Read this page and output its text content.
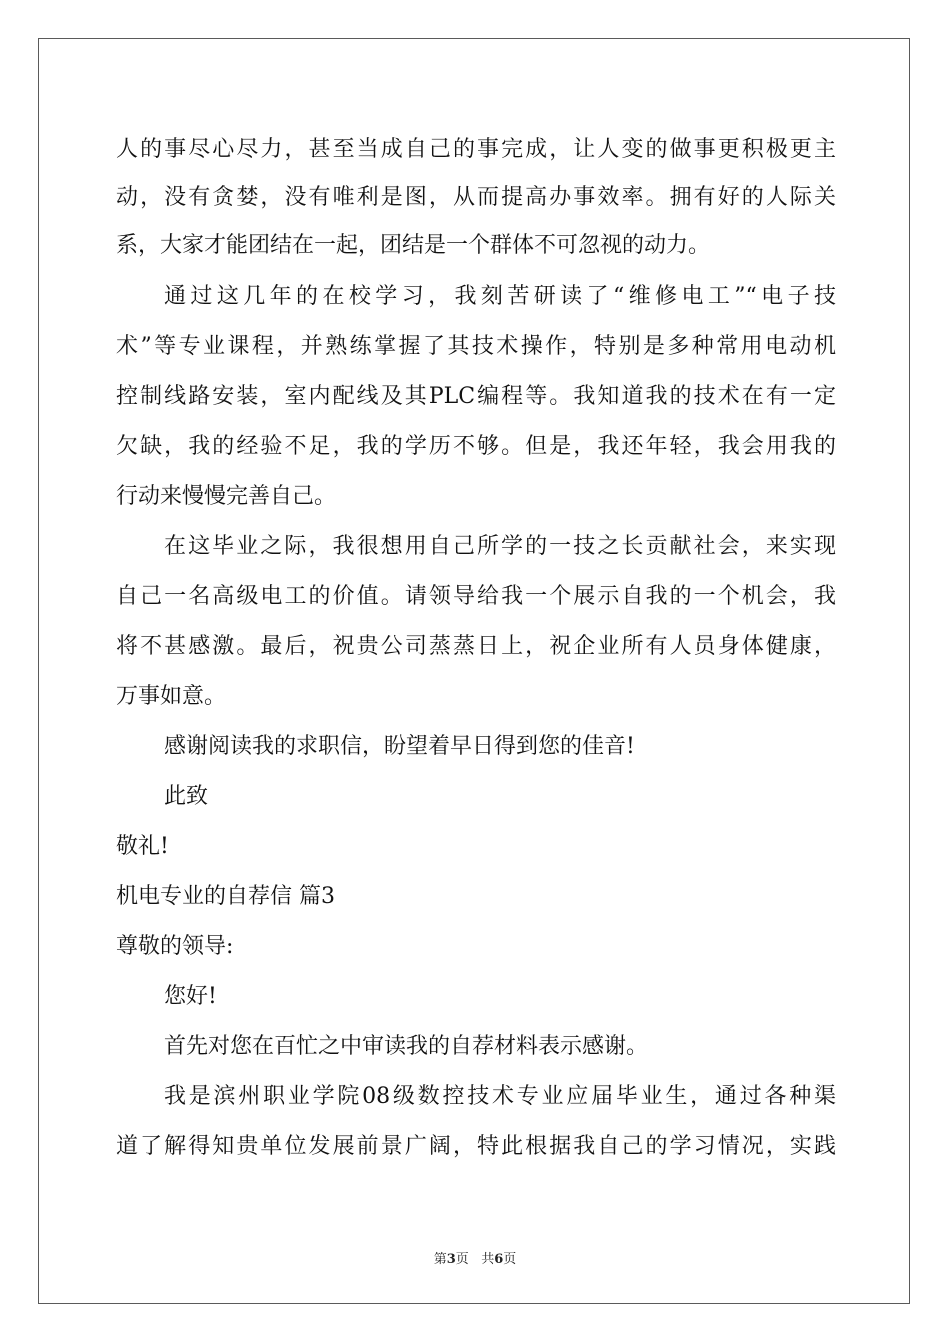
人的事尽心尽力，甚至当成自己的事完成，让人变的做事更积极更主
动，没有贪婪，没有唯利是图，从而提高办事效率。拥有好的人际关
系，大家才能团结在一起，团结是一个群体不可忽视的动力。
通过这几年的在校学习，我刻苦研读了“维修电工”“电子技
术”等专业课程，并熟练掌握了其技术操作，特别是多种常用电动机
控制线路安装，室内配线及其PLC编程等。我知道我的技术在有一定
欠缺，我的经验不足，我的学历不够。但是，我还年轻，我会用我的
行动来慢慢完善自己。
在这毕业之际，我很想用自己所学的一技之长贡献社会，来实现
自己一名高级电工的价值。请领导给我一个展示自我的一个机会，我
将不甚感激。最后，祝贵公司蒸蒸日上，祝企业所有人员身体健康，
万事如意。
感谢阅读我的求职信，盼望着早日得到您的佳音!
此致
敬礼!
机电专业的自荐信 篇3
尊敬的领导:
您好!
首先对您在百忙之中审读我的自荐材料表示感谢。
我是滨州职业学院08级数控技术专业应届毕业生，通过各种渠
道了解得知贵单位发展前景广阔，特此根据我自己的学习情况，实践
第3页   共6页
